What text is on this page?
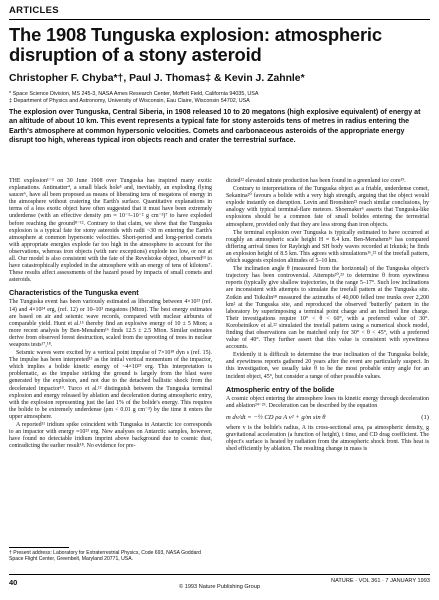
ARTICLES
The 1908 Tunguska explosion: atmospheric disruption of a stony asteroid
Christopher F. Chyba*†, Paul J. Thomas‡ & Kevin J. Zahnle*
* Space Science Division, MS 245-3, NASA Ames Research Center, Moffett Field, California 94035, USA
‡ Department of Physics and Astronomy, University of Wisconsin, Eau Claire, Wisconsin 54702, USA

The explosion over Tunguska, Central Siberia, in 1908 released 10 to 20 megatons (high explosive equivalent) of energy at an altitude of about 10 km. This event represents a typical fate for stony asteroids tens of metres in radius entering the Earth's atmosphere at common hypersonic velocities. Comets and carbonaceous asteroids of the appropriate energy disrupt too high, whereas typical iron objects reach and crater the terrestrial surface.

THE explosion¹⁻³ on 30 June 1908 over Tunguska has inspired many exotic explanations. Antimatter⁴, a small black hole⁵ and, inevitably, an exploding flying saucer⁶, have all been proposed as means of liberating tens of megatons of energy in the atmosphere without cratering the Earth's surface. Quantitative explanations in terms of a less exotic object have often suggested that it must have been extremely underdense (with an effective density ρm ≈ 10⁻³–10⁻² g cm⁻³)⁷ to have exploded before reaching the ground⁸⁻¹². Contrary to that claim, we show that the Tunguska explosion is a typical fate for stony asteroids with radii ~30 m entering the Earth's atmosphere at common hypersonic velocities. Short-period and long-period comets with appropriate energies explode far too high in the atmosphere to account for the observations, whereas iron objects (with rare exceptions) explode too low, or not at all. Our model is also consistent with the fate of the Revelstoke object, observed¹³ to have catastrophically exploded in the atmosphere with an energy of tens of kilotons⁷. These results affect assessments of the hazard posed by impacts of small comets and asteroids.

Characteristics of the Tunguska event

The Tunguska event has been variously estimated as liberating between 4×10²³ (ref. 14) and 4×10²⁴ erg, (ref. 12) or 10–10³ megatons (Mton). The best energy estimates are based on air and seismic wave records, compared with nuclear airbursts of comparable yield. Hunt et al.¹⁵ thereby find an explosive energy of 10 ± 5 Mton; a more recent analysis by Ben-Menahem¹⁶ finds 12.5 ± 2.5 Mton. Similar estimates derive from observed forest destruction, scaled from the uprooting of trees in nuclear weapons tests¹⁷,¹⁸.

Seismic waves were excited by a vertical point impulse of 7×10¹⁸ dyn s (ref. 15). The impulse has been interpreted¹⁵ as the initial vertical momentum of the impactor, which implies a bolide kinetic energy of ~4×10²³ erg. This interpretation is problematic, as the impulse striking the ground is largely from the blast wave generated by the explosion, and not due to the detached ballistic shock from the decelerated impactor¹⁹. Turco et al.¹² distinguish between the Tunguska terminal explosion and energy released by ablation and deceleration during atmospheric entry, with the explosion representing just the last 1% of the bolide's energy. This requires the bolide to be extremely underdense (ρm < 0.01 g cm⁻³) by the time it enters the upper atmosphere.

A reported¹¹ iridium spike coincident with Tunguska in Antarctic ice corresponds to an impactor with energy ≈10²³ erg. New analyses on Antarctic samples, however, have found no detectable iridium imprint above background due to cosmic dust, contradicting the earlier result¹⁸. No evidence for pre-

dicted¹² elevated nitrate production has been found in a greenland ice core¹⁹.

Contrary to interpretations of the Tunguska object as a friable, underdense comet, Sekanina²⁰ favours a bolide with a very high strength, arguing that the object would explode instantly on disruption. Levin and Bronshten²¹ reach similar conclusions, by analogy with typical terminal-flare meteors. Shoemaker⁶ asserts that Tunguska-like explosions should be a common fate of small bolides entering the terrestrial atmosphere, provided only that they are less strong than iron objects.

The terminal explosion over Tunguska is typically estimated to have occurred at roughly an atmospheric scale height H ≈ 8.4 km. Ben-Menahem¹⁶ has compared differing arrival times for Rayleigh and SH body waves recorded at Irkutsk; he finds an explosion height of 8.5 km. This agrees with simulations¹⁶,²² of the treefall pattern, which suggests explosion altitudes of 5–10 km.

The inclination angle θ (measured from the horizontal) of the Tunguska object's trajectory has been controversial. Attempts²⁰,²³ to determine θ from eyewitness reports (typically give shallow trajectories, in the range 5–17°. Such low inclinations are inconsistent with attempts to simulate the treefall pattern at the Tunguska site. Zotkin and Tsikulin¹⁸ measured the azimuths of 40,000 felled tree trunks over 2,200 km² at the Tunguska site, and reproduced the observed 'butterfly' pattern in the laboratory by superimposing a terminal point charge and an inclined line charge. Their investigations require 10° < θ < 60°, with a preferred value of 30°. Korobeinikov et al.²² simulated the treefall pattern using a numerical shock model, finding that observations can be matched only for 30° < θ < 45°, with a preferred value of 40°. They further assert that this value is consistent with eyewitness accounts.

Evidently it is difficult to determine the true inclination of the Tunguska bolide, and eyewitness reports gathered 20 years after the event are particularly suspect. In this investigation, we usually take θ to be the most probable entry angle for an incident object, 45°, but consider a range of other possible values.

Atmospheric entry of the bolide

A cosmic object entering the atmosphere loses its kinetic energy through deceleration and ablation²⁴⁻²⁶. Deceleration can be described by the equation

m dv/dt = −½ CD ρa A v² + g/m sin θ	(1)

where v is the bolide's radius, A its cross-sectional area, ρa atmospheric density, g gravitational acceleration (a function of height), t time, and CD drag coefficient. The object's surface is heated by radiation from the atmospheric shock front. This heat is shed efficiently by ablation. The resulting change in mass is

† Present address: Laboratory for Extraterrestrial Physics, Code 693, NASA Goddard Space Flight Center, Greenbelt, Maryland 20771, USA.

40	© 1993 Nature Publishing Group
NATURE · VOL 361 · 7 JANUARY 1993
